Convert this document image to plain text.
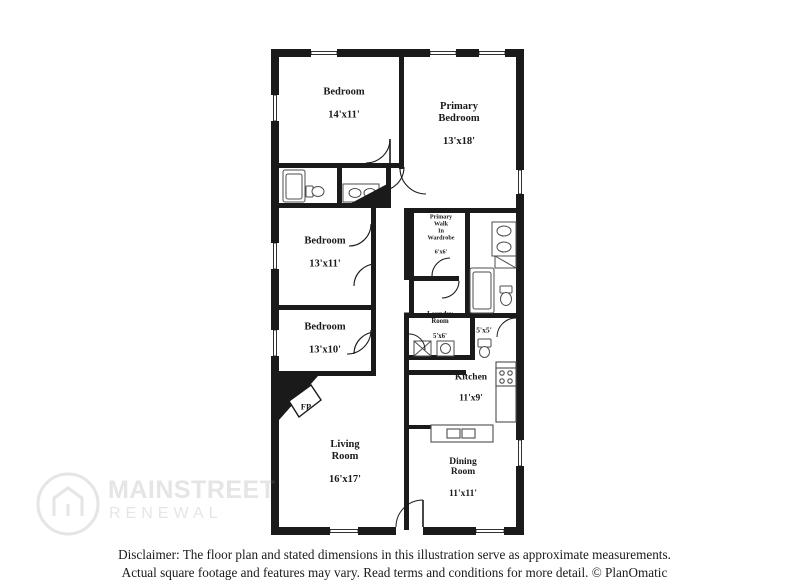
Bedroom

14'x11'

Primary
Bedroom

13'x18'

Bedroom

13'x11'

Bedroom

13'x10'

Primary
Walk
In
Wardrobe

6'x6'

Laundry
Room

5'x6'

5'x5'

Kitchen

11'x9'

Living
Room

16'x17'

Dining
Room

11'x11'

FP

MAINSTREET
RENEWAL
Disclaimer: The floor plan and stated dimensions in this illustration serve as approximate measurements.
Actual square footage and features may vary. Read terms and conditions for more detail. © PlanOmatic
